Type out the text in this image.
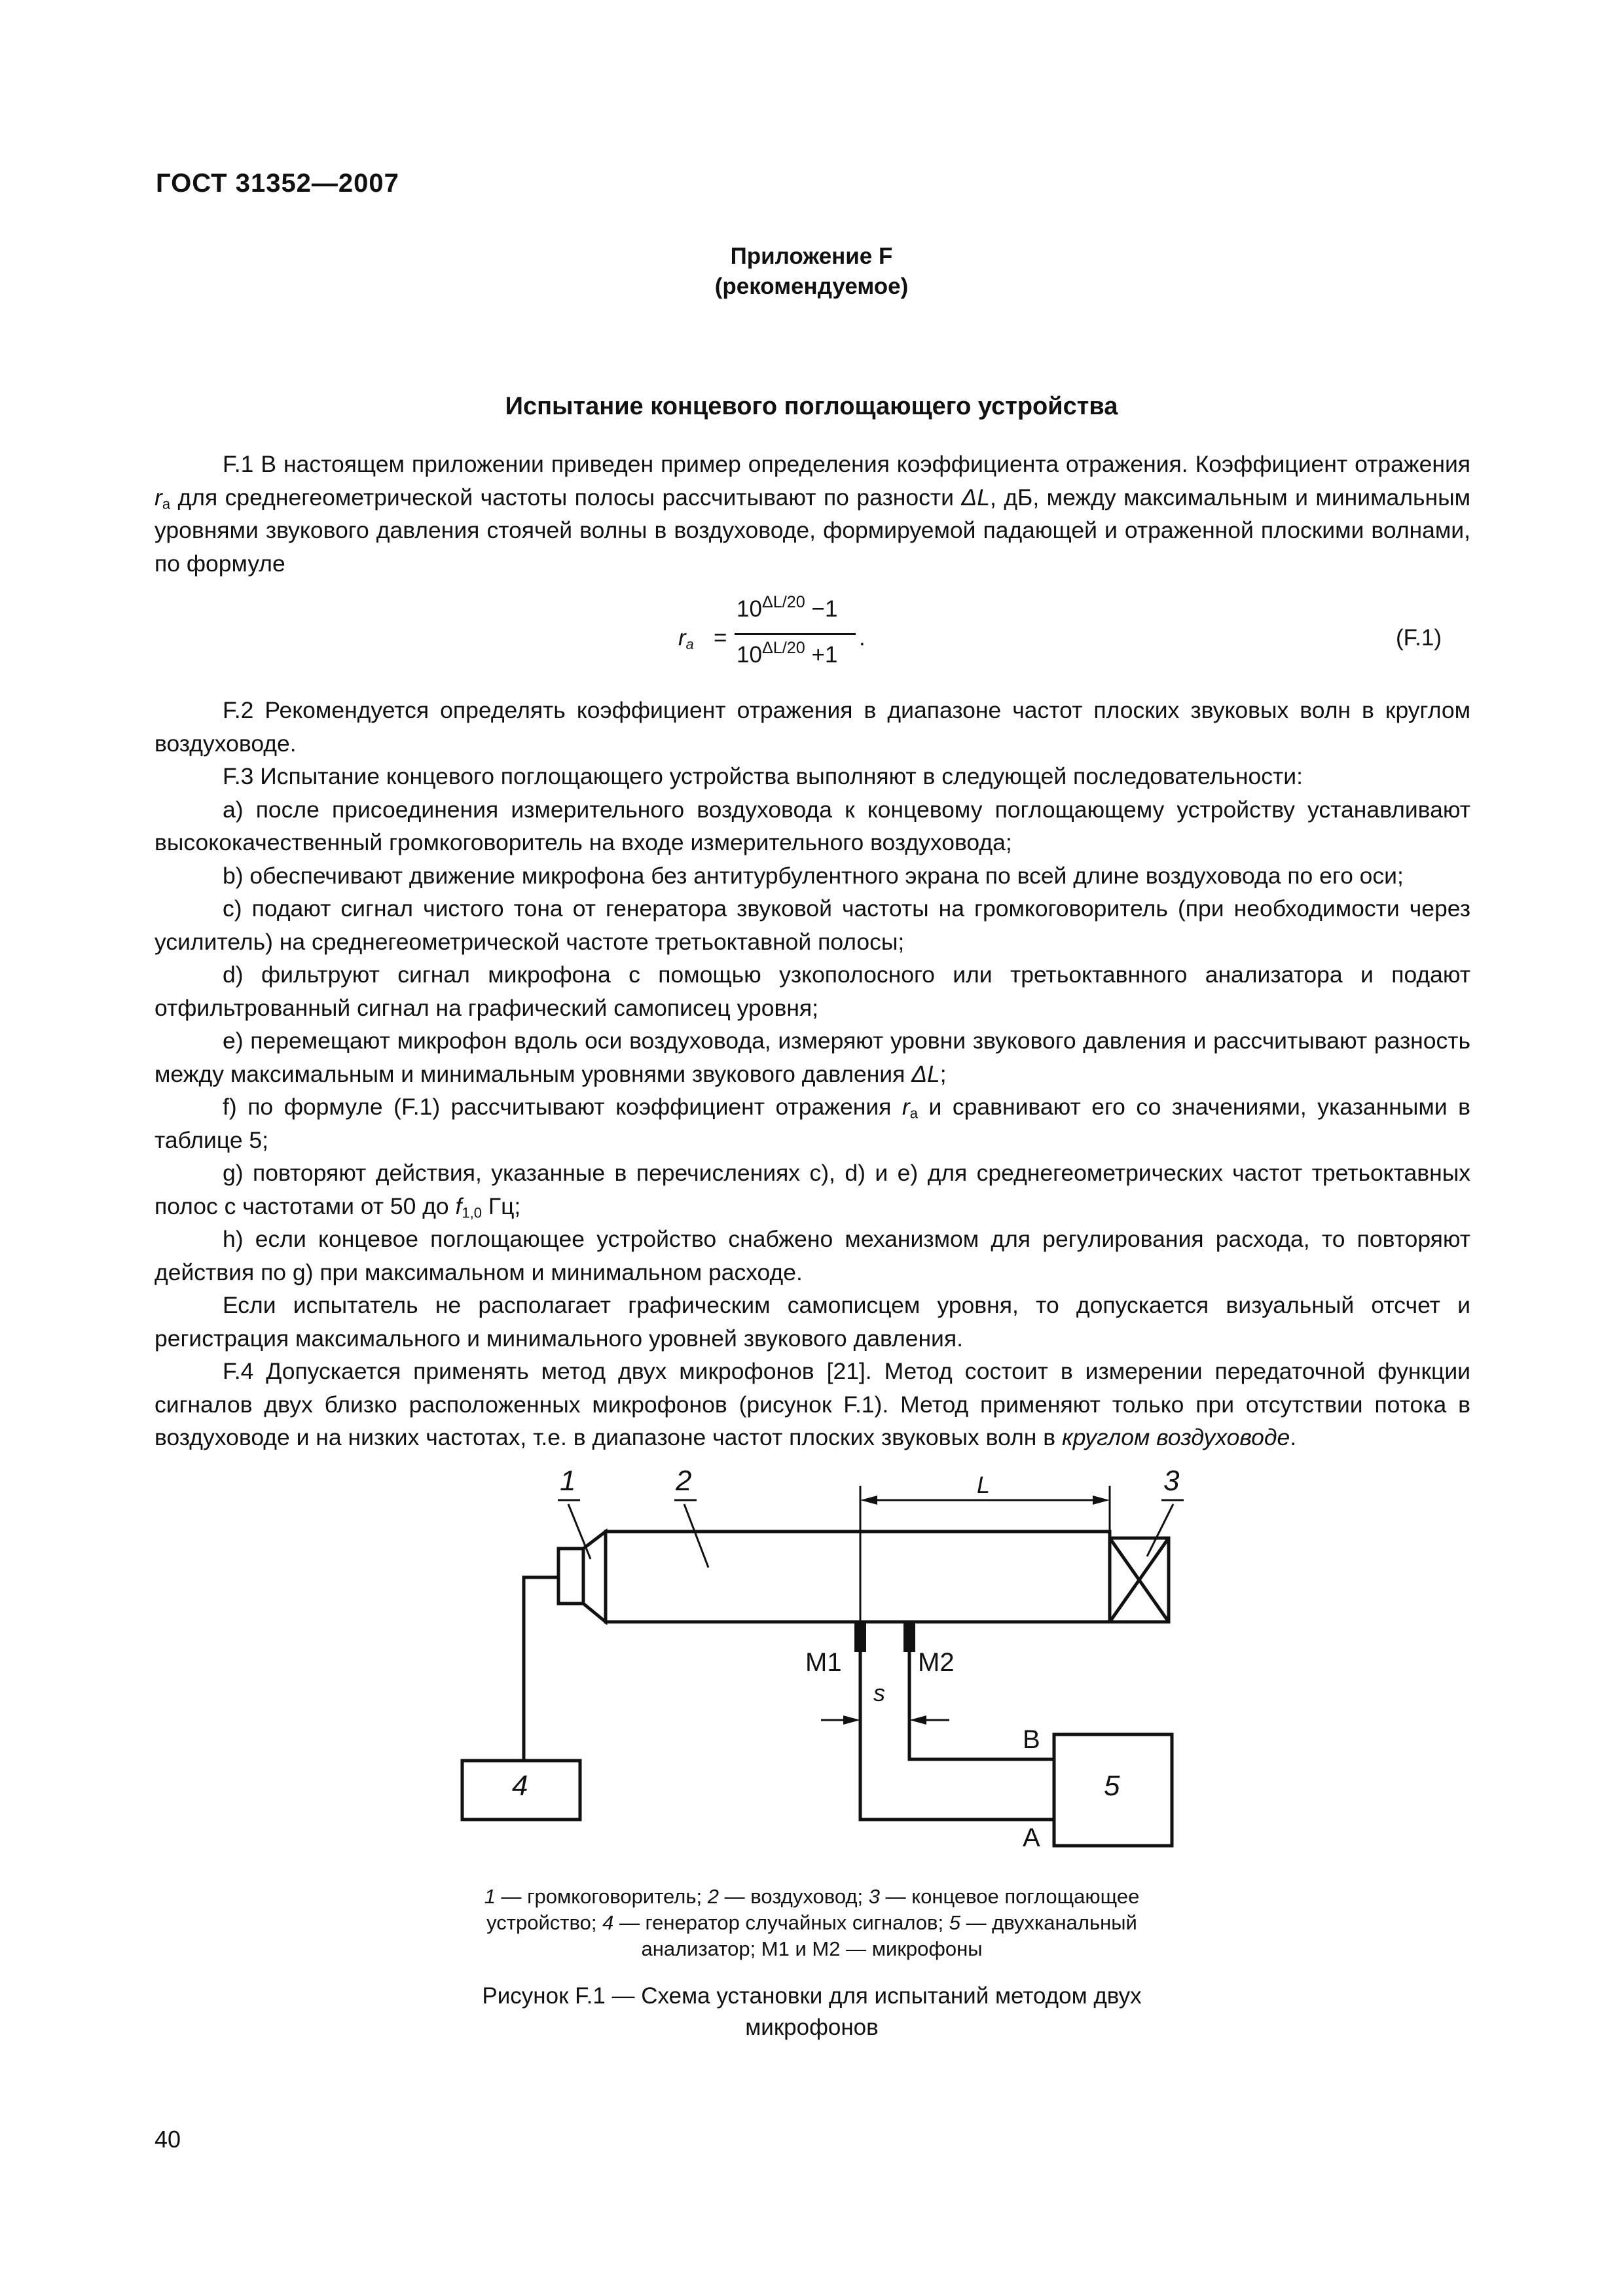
ГОСТ 31352—2007
Приложение F
(рекомендуемое)
Испытание концевого поглощающего устройства

F.1 В настоящем приложении приведен пример определения коэффициента отражения. Коэффициент отражения $r_a$ для среднегеометрической частоты полосы рассчитывают по разности ΔL, дБ, между максимальным и минимальным уровнями звукового давления стоячей волны в воздуховоде, формируемой падающей и отраженной плоскими волнами, по формуле

$r_a$ =
$10^{\Delta L/20} -1$
$10^{\Delta L/20} +1$
.	(F.1)

F.2 Рекомендуется определять коэффициент отражения в диапазоне частот плоских звуковых волн в круглом воздуховоде.

F.3 Испытание концевого поглощающего устройства выполняют в следующей последовательности:

а) после присоединения измерительного воздуховода к концевому поглощающему устройству устанавливают высококачественный громкоговоритель на входе измерительного воздуховода;

b) обеспечивают движение микрофона без антитурбулентного экрана по всей длине воздуховода по его оси;

с) подают сигнал чистого тона от генератора звуковой частоты на громкоговоритель (при необходимости через усилитель) на среднегеометрической частоте третьоктавной полосы;

d) фильтруют сигнал микрофона с помощью узкополосного или третьоктавнного анализатора и подают отфильтрованный сигнал на графический самописец уровня;

е) перемещают микрофон вдоль оси воздуховода, измеряют уровни звукового давления и рассчитывают разность между максимальным и минимальным уровнями звукового давления ΔL;

f) по формуле (F.1) рассчитывают коэффициент отражения $r_a$ и сравнивают его со значениями, указанными в таблице 5;

g) повторяют действия, указанные в перечислениях с), d) и е) для среднегеометрических частот третьоктавных полос с частотами от 50 до $f_{1,0}$ Гц;

h) если концевое поглощающее устройство снабжено механизмом для регулирования расхода, то повторяют действия по g) при максимальном и минимальном расходе.

Если испытатель не располагает графическим самописцем уровня, то допускается визуальный отсчет и регистрация максимального и минимального уровней звукового давления.

F.4 Допускается применять метод двух микрофонов [21]. Метод состоит в измерении передаточной функции сигналов двух близко расположенных микрофонов (рисунок F.1). Метод применяют только при отсутствии потока в воздуховоде и на низких частотах, т.е. в диапазоне частот плоских звуковых волн в круглом воздуховоде.

1	2	3
L
M1	M2
s
B
A
4	5
1 — громкоговоритель; 2 — воздуховод; 3 — концевое поглощающее устройство; 4 — генератор случайных сигналов; 5 — двухканальный анализатор; М1 и М2 — микрофоны
Рисунок F.1 — Схема установки для испытаний методом двух микрофонов
40
